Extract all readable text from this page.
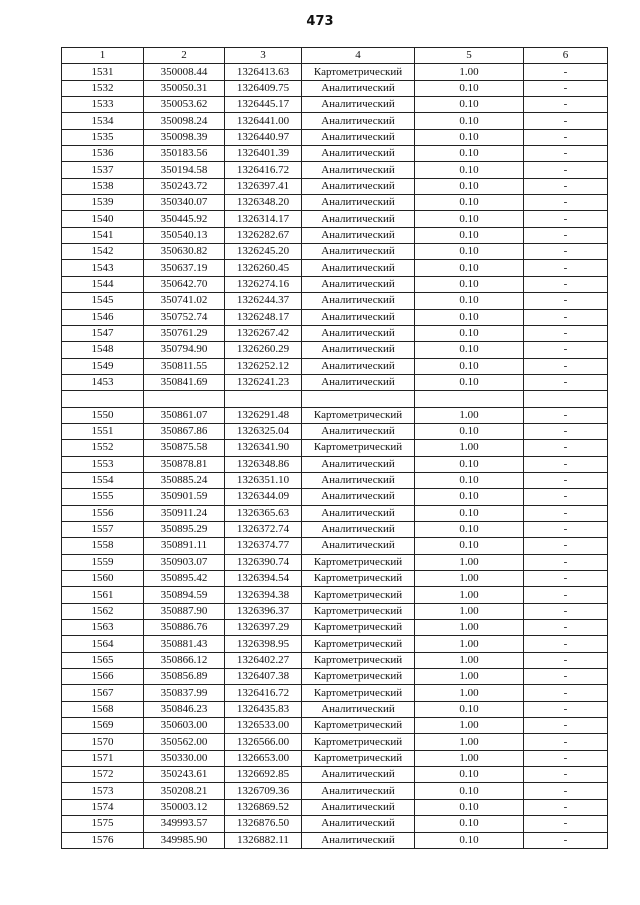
473
1	2	3	4	5	6
1531	350008.44	1326413.63	Картометрический	1.00	-
1532	350050.31	1326409.75	Аналитический	0.10	-
1533	350053.62	1326445.17	Аналитический	0.10	-
1534	350098.24	1326441.00	Аналитический	0.10	-
1535	350098.39	1326440.97	Аналитический	0.10	-
1536	350183.56	1326401.39	Аналитический	0.10	-
1537	350194.58	1326416.72	Аналитический	0.10	-
1538	350243.72	1326397.41	Аналитический	0.10	-
1539	350340.07	1326348.20	Аналитический	0.10	-
1540	350445.92	1326314.17	Аналитический	0.10	-
1541	350540.13	1326282.67	Аналитический	0.10	-
1542	350630.82	1326245.20	Аналитический	0.10	-
1543	350637.19	1326260.45	Аналитический	0.10	-
1544	350642.70	1326274.16	Аналитический	0.10	-
1545	350741.02	1326244.37	Аналитический	0.10	-
1546	350752.74	1326248.17	Аналитический	0.10	-
1547	350761.29	1326267.42	Аналитический	0.10	-
1548	350794.90	1326260.29	Аналитический	0.10	-
1549	350811.55	1326252.12	Аналитический	0.10	-
1453	350841.69	1326241.23	Аналитический	0.10	-

1550	350861.07	1326291.48	Картометрический	1.00	-
1551	350867.86	1326325.04	Аналитический	0.10	-
1552	350875.58	1326341.90	Картометрический	1.00	-
1553	350878.81	1326348.86	Аналитический	0.10	-
1554	350885.24	1326351.10	Аналитический	0.10	-
1555	350901.59	1326344.09	Аналитический	0.10	-
1556	350911.24	1326365.63	Аналитический	0.10	-
1557	350895.29	1326372.74	Аналитический	0.10	-
1558	350891.11	1326374.77	Аналитический	0.10	-
1559	350903.07	1326390.74	Картометрический	1.00	-
1560	350895.42	1326394.54	Картометрический	1.00	-
1561	350894.59	1326394.38	Картометрический	1.00	-
1562	350887.90	1326396.37	Картометрический	1.00	-
1563	350886.76	1326397.29	Картометрический	1.00	-
1564	350881.43	1326398.95	Картометрический	1.00	-
1565	350866.12	1326402.27	Картометрический	1.00	-
1566	350856.89	1326407.38	Картометрический	1.00	-
1567	350837.99	1326416.72	Картометрический	1.00	-
1568	350846.23	1326435.83	Аналитический	0.10	-
1569	350603.00	1326533.00	Картометрический	1.00	-
1570	350562.00	1326566.00	Картометрический	1.00	-
1571	350330.00	1326653.00	Картометрический	1.00	-
1572	350243.61	1326692.85	Аналитический	0.10	-
1573	350208.21	1326709.36	Аналитический	0.10	-
1574	350003.12	1326869.52	Аналитический	0.10	-
1575	349993.57	1326876.50	Аналитический	0.10	-
1576	349985.90	1326882.11	Аналитический	0.10	-
